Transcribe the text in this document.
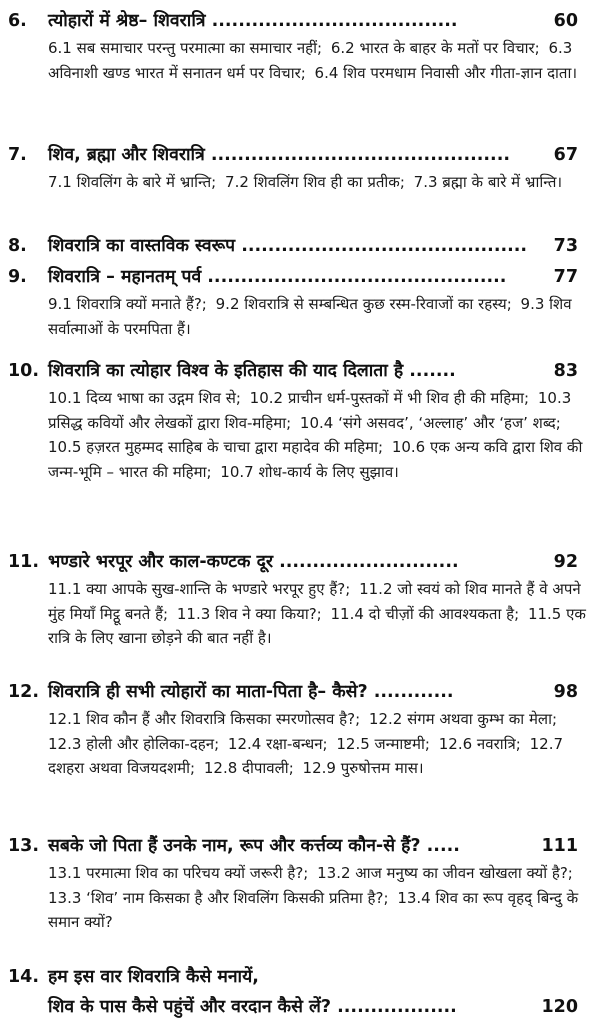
6. त्योहारों में श्रेष्ठ– शिवरात्रि .....................................	60
6.1 सब समाचार परन्तु परमात्मा का समाचार नहीं; 6.2 भारत के बाहर के मतों पर विचार; 6.3 अविनाशी खण्ड भारत में सनातन धर्म पर विचार; 6.4 शिव परमधाम निवासी और गीता-ज्ञान दाता।
7. शिव, ब्रह्मा और शिवरात्रि ............................................. 67
7.1 शिवलिंग के बारे में भ्रान्ति; 7.2 शिवलिंग शिव ही का प्रतीक; 7.3 ब्रह्मा के बारे में भ्रान्ति।
8. शिवरात्रि का वास्तविक स्वरूप ........................................... 73
9. शिवरात्रि – महानतम् पर्व .............................................	77
9.1 शिवरात्रि क्यों मनाते हैं?; 9.2 शिवरात्रि से सम्बन्धित कुछ रस्म-रिवाजों का रहस्य; 9.3 शिव सर्वात्माओं के परमपिता हैं।
10. शिवरात्रि का त्योहार विश्व के इतिहास की याद दिलाता है .......	83
10.1 दिव्य भाषा का उद्गम शिव से; 10.2 प्राचीन धर्म-पुस्तकों में भी शिव ही की महिमा; 10.3 प्रसिद्ध कवियों और लेखकों द्वारा शिव-महिमा; 10.4 ‘संगे असवद’, ‘अल्लाह’ और ‘हज’ शब्द; 10.5 हज़रत मुहम्मद साहिब के चाचा द्वारा महादेव की महिमा; 10.6 एक अन्य कवि द्वारा शिव की जन्म-भूमि – भारत की महिमा; 10.7 शोध-कार्य के लिए सुझाव।
11. भण्डारे भरपूर और काल-कण्टक दूर ...........................	92
11.1 क्या आपके सुख-शान्ति के भण्डारे भरपूर हुए हैं?; 11.2 जो स्वयं को शिव मानते हैं वे अपने मुंह मियाँ मिट्ठू बनते हैं; 11.3 शिव ने क्या किया?; 11.4 दो चीज़ों की आवश्यकता है; 11.5 एक रात्रि के लिए खाना छोड़ने की बात नहीं है।
12. शिवरात्रि ही सभी त्योहारों का माता-पिता है– कैसे? ............	98
12.1 शिव कौन हैं और शिवरात्रि किसका स्मरणोत्सव है?; 12.2 संगम अथवा कुम्भ का मेला; 12.3 होली और होलिका-दहन; 12.4 रक्षा-बन्धन; 12.5 जन्माष्टमी; 12.6 नवरात्रि; 12.7 दशहरा अथवा विजयदशमी; 12.8 दीपावली; 12.9 पुरुषोत्तम मास।
13. सबके जो पिता हैं उनके नाम, रूप और कर्त्तव्य कौन-से हैं? .....	111
13.1 परमात्मा शिव का परिचय क्यों जरूरी है?; 13.2 आज मनुष्य का जीवन खोखला क्यों है?; 13.3 ‘शिव’ नाम किसका है और शिवलिंग किसकी प्रतिमा है?; 13.4 शिव का रूप वृहद् बिन्दु के समान क्यों?
14. हम इस वार शिवरात्रि कैसे मनायें,
शिव के पास कैसे पहुंचें और वरदान कैसे लें? ..................	120
